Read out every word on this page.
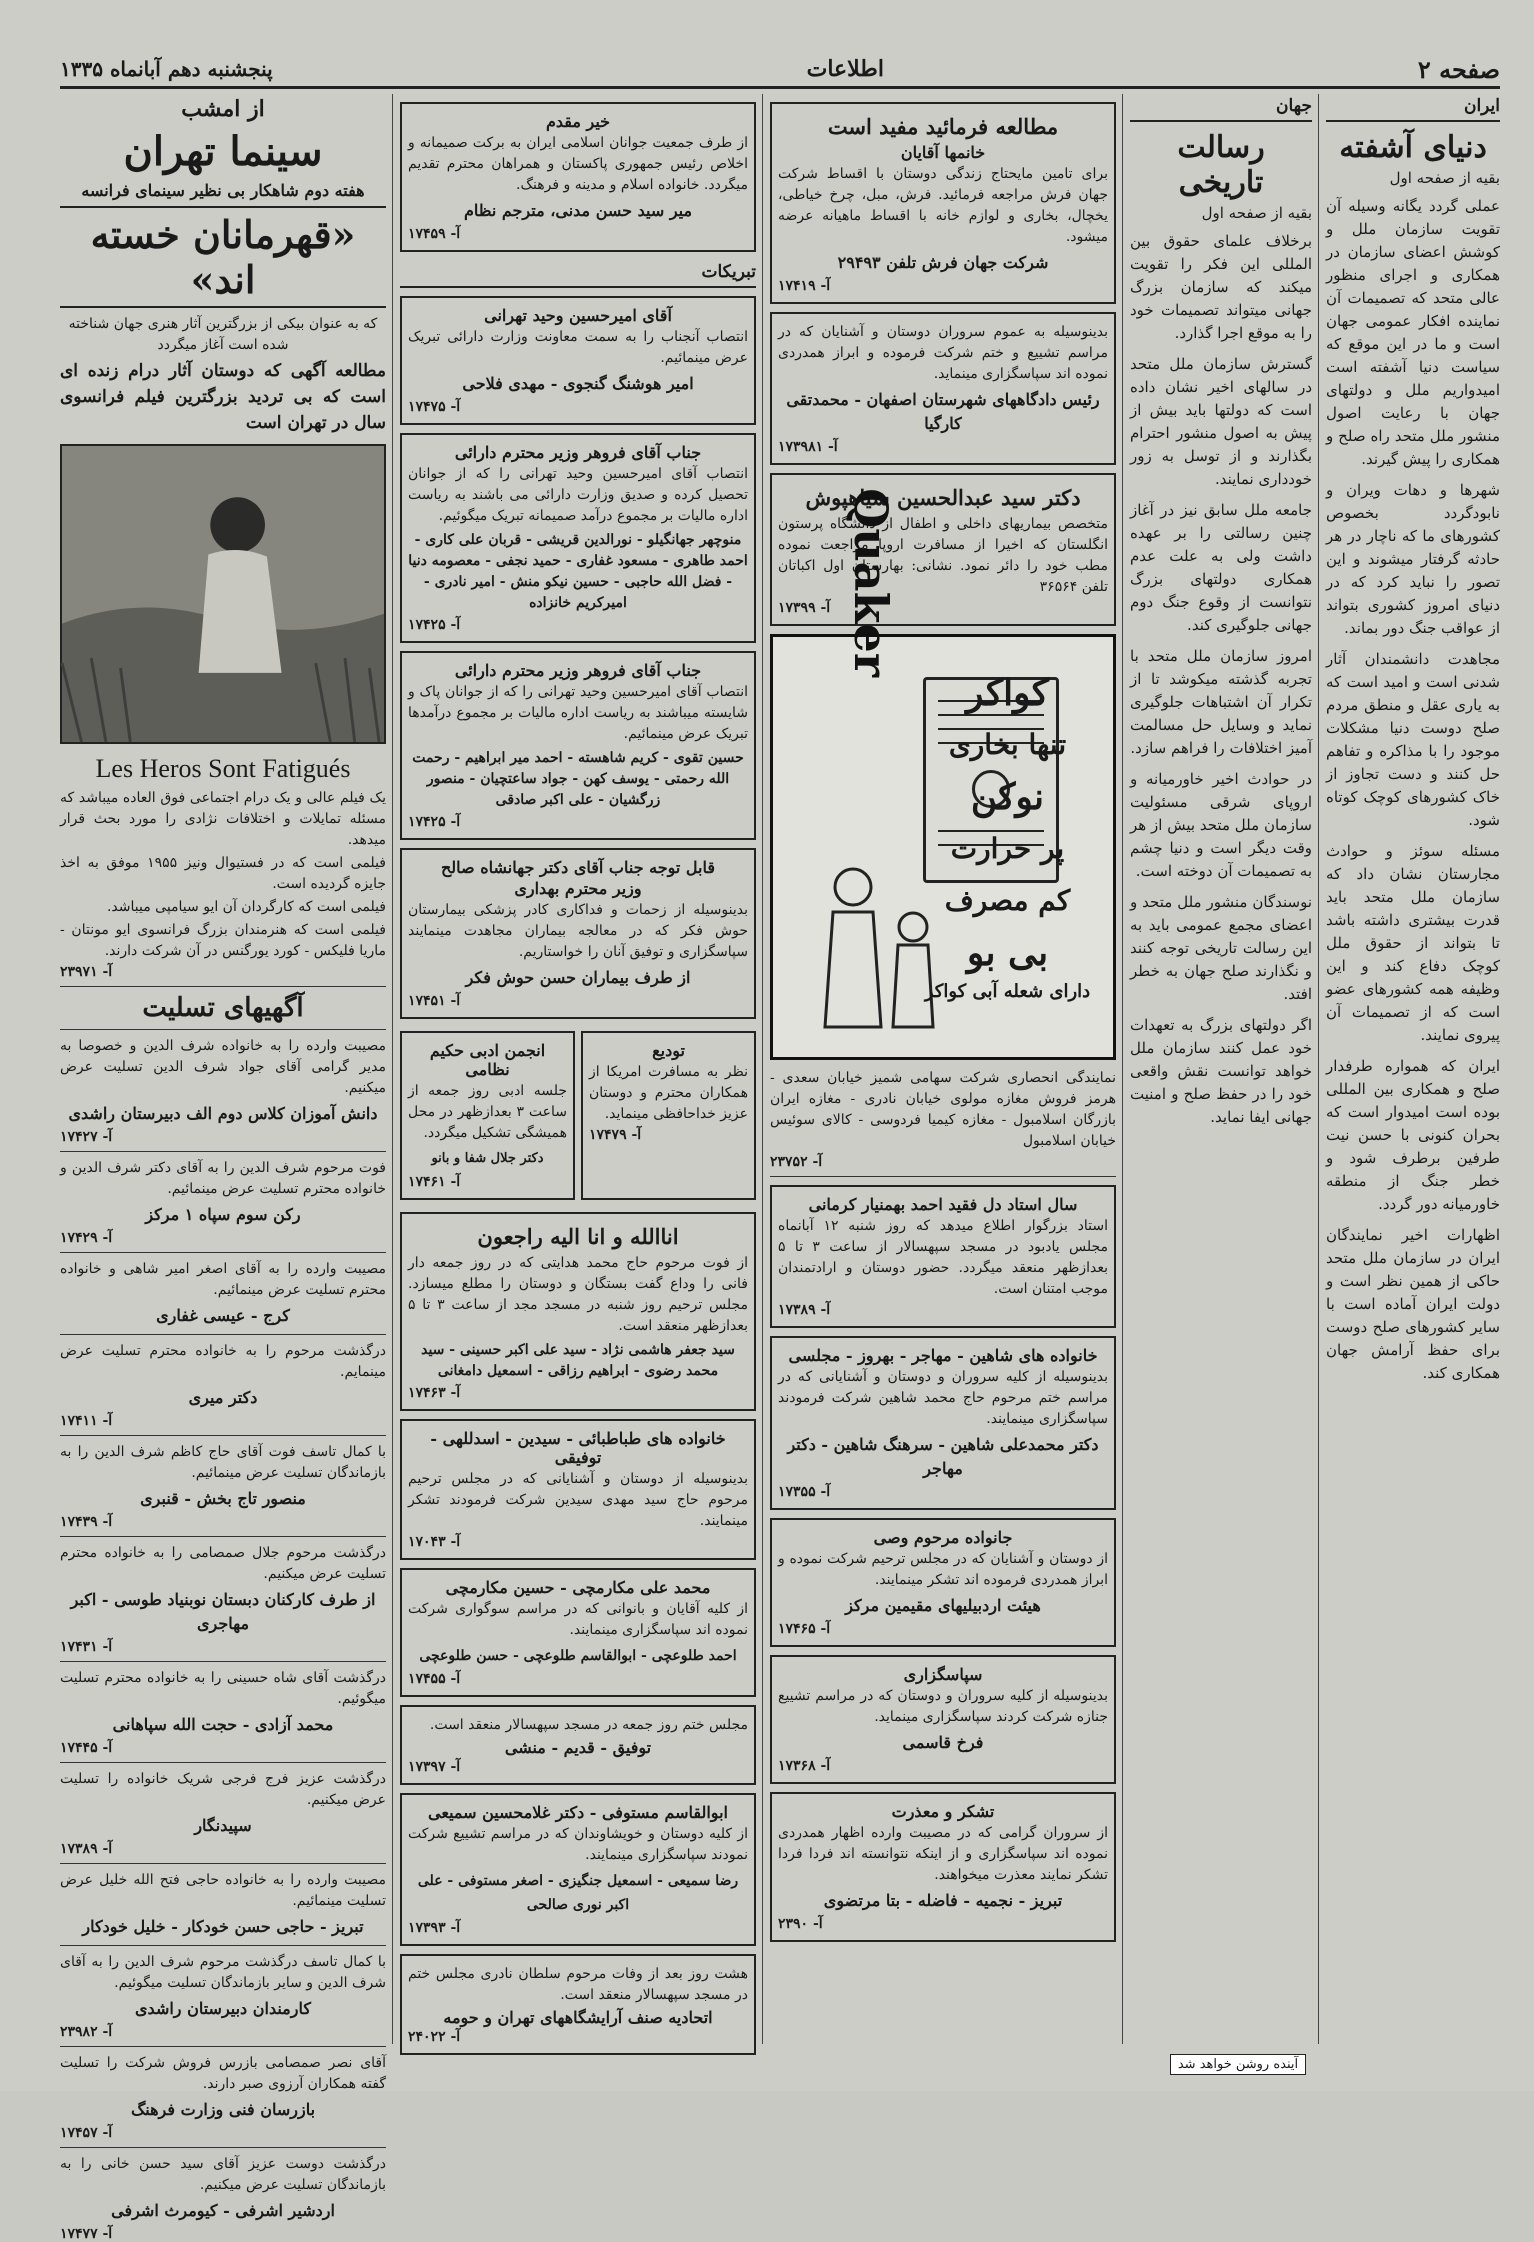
صفحه ۲
اطلاعات
پنجشنبه دهم آبانماه ۱۳۳۵
ایران
دنیای آشفته
بقیه از صفحه اول

عملی گردد یگانه وسیله آن تقویت سازمان ملل و کوشش اعضای سازمان در همکاری و اجرای منظور عالی متحد که تصمیمات آن نماینده افکار عمومی جهان است و ما در این موقع که سیاست دنیا آشفته است امیدواریم ملل و دولتهای جهان با رعایت اصول منشور ملل متحد راه صلح و همکاری را پیش گیرند.

شهرها و دهات ویران و نابودگردد بخصوص کشورهای ما که ناچار در هر حادثه گرفتار میشوند و این تصور را نباید کرد که در دنیای امروز کشوری بتواند از عواقب جنگ دور بماند.

مجاهدت دانشمندان آثار شدنی است و امید است که به یاری عقل و منطق مردم صلح دوست دنیا مشکلات موجود را با مذاکره و تفاهم حل کنند و دست تجاوز از خاک کشورهای کوچک کوتاه شود.

مسئله سوئز و حوادث مجارستان نشان داد که سازمان ملل متحد باید قدرت بیشتری داشته باشد تا بتواند از حقوق ملل کوچک دفاع کند و این وظیفه همه کشورهای عضو است که از تصمیمات آن پیروی نمایند.

ایران که همواره طرفدار صلح و همکاری بین المللی بوده است امیدوار است که بحران کنونی با حسن نیت طرفین برطرف شود و خطر جنگ از منطقه خاورمیانه دور گردد.

اظهارات اخیر نمایندگان ایران در سازمان ملل متحد حاکی از همین نظر است و دولت ایران آماده است با سایر کشورهای صلح دوست برای حفظ آرامش جهان همکاری کند.

جهان
رسالت تاریخی
بقیه از صفحه اول

برخلاف علمای حقوق بین المللی این فکر را تقویت میکند که سازمان بزرگ جهانی میتواند تصمیمات خود را به موقع اجرا گذارد.

گسترش سازمان ملل متحد در سالهای اخیر نشان داده است که دولتها باید بیش از پیش به اصول منشور احترام بگذارند و از توسل به زور خودداری نمایند.

جامعه ملل سابق نیز در آغاز چنین رسالتی را بر عهده داشت ولی به علت عدم همکاری دولتهای بزرگ نتوانست از وقوع جنگ دوم جهانی جلوگیری کند.

امروز سازمان ملل متحد با تجربه گذشته میکوشد تا از تکرار آن اشتباهات جلوگیری نماید و وسایل حل مسالمت آمیز اختلافات را فراهم سازد.

در حوادث اخیر خاورمیانه و اروپای شرقی مسئولیت سازمان ملل متحد بیش از هر وقت دیگر است و دنیا چشم به تصمیمات آن دوخته است.

نوسندگان منشور ملل متحد و اعضای مجمع عمومی باید به این رسالت تاریخی توجه کنند و نگذارند صلح جهان به خطر افتد.

اگر دولتهای بزرگ به تعهدات خود عمل کنند سازمان ملل خواهد توانست نقش واقعی خود را در حفظ صلح و امنیت جهانی ایفا نماید.

مطالعه فرمائید مفید است
خانمها آقایان

برای تامین مایحتاج زندگی دوستان با اقساط شرکت جهان فرش مراجعه فرمائید. فرش، مبل، چرخ خیاطی، یخچال، بخاری و لوازم خانه با اقساط ماهیانه عرضه میشود.

شرکت جهان فرش تلفن ۲۹۴۹۳
آ- ۱۷۴۱۹

بدینوسیله به عموم سروران دوستان و آشنایان که در مراسم تشییع و ختم شرکت فرموده و ابراز همدردی نموده اند سپاسگزاری مینماید.

رئیس دادگاههای شهرستان اصفهان - محمدتقی کارگیا
آ- ۱۷۳۹۸۱
دکتر سید عبدالحسین سیاهپوش

متخصص بیماریهای داخلی و اطفال از دانشگاه پرستون انگلستان که اخیرا از مسافرت اروپا مراجعت نموده مطب خود را دائر نمود. نشانی: بهارستان اول اکباتان تلفن ۳۶۵۶۴

آ- ۱۷۳۹۹ Quaker
کواکر
تنها بخاری
نوکن
پر حرارت
کم مصرف
بی بو
دارای شعله آبی کواکر

نمایندگی انحصاری شرکت سهامی شمیز خیابان سعدی - هرمز فروش مغازه مولوی خیابان نادری - مغازه ایران بازرگان اسلامبول - مغازه کیمیا فردوسی - کالای سوئیس خیابان اسلامبول

آ- ۲۳۷۵۲
سال استاد دل فقید احمد بهمنیار کرمانی

استاد بزرگوار اطلاع میدهد که روز شنبه ۱۲ آبانماه مجلس یادبود در مسجد سپهسالار از ساعت ۳ تا ۵ بعدازظهر منعقد میگردد. حضور دوستان و ارادتمندان موجب امتنان است.

آ- ۱۷۳۸۹
خانواده های شاهین - مهاجر - بهروز - مجلسی

بدینوسیله از کلیه سروران و دوستان و آشنایانی که در مراسم ختم مرحوم حاج محمد شاهین شرکت فرمودند سپاسگزاری مینمایند.

دکتر محمدعلی شاهین - سرهنگ شاهین - دکتر مهاجر
آ- ۱۷۳۵۵
جانواده مرحوم وصی

از دوستان و آشنایان که در مجلس ترحیم شرکت نموده و ابراز همدردی فرموده اند تشکر مینمایند.

هیئت اردبیلیهای مقیمین مرکز
آ- ۱۷۴۶۵
سپاسگزاری

بدینوسیله از کلیه سروران و دوستان که در مراسم تشییع جنازه شرکت کردند سپاسگزاری مینماید.

فرخ قاسمی
آ- ۱۷۳۶۸
تشکر و معذرت

از سروران گرامی که در مصیبت وارده اظهار همدردی نموده اند سپاسگزاری و از اینکه نتوانسته اند فردا فردا تشکر نمایند معذرت میخواهند.

تبریز - نجمیه - فاضله - بتا مرتضوی
آ- ۲۳۹۰
خیر مقدم

از طرف جمعیت جوانان اسلامی ایران به برکت صمیمانه و اخلاص رئیس جمهوری پاکستان و همراهان محترم تقدیم میگردد. خانواده اسلام و مدینه و فرهنگ.

میر سید حسن مدنی، مترجم نظام
آ- ۱۷۴۵۹
تبریکات
آقای امیرحسین وحید تهرانی

انتصاب آنجناب را به سمت معاونت وزارت دارائی تبریک عرض مینمائیم.

امیر هوشنگ گنجوی - مهدی فلاحی
آ- ۱۷۴۷۵
جناب آقای فروهر وزیر محترم دارائی

انتصاب آقای امیرحسین وحید تهرانی را که از جوانان تحصیل کرده و صدیق وزارت دارائی می باشند به ریاست اداره مالیات بر مجموع درآمد صمیمانه تبریک میگوئیم.

منوچهر جهانگیلو - نورالدین قریشی - قربان علی کاری - احمد طاهری - مسعود غفاری - حمید نجفی - معصومه دنیا - فضل الله حاجبی - حسین نیکو منش - امیر نادری - امیرکریم خانزاده
آ- ۱۷۴۲۵
جناب آقای فروهر وزیر محترم دارائی

انتصاب آقای امیرحسین وحید تهرانی را که از جوانان پاک و شایسته میباشند به ریاست اداره مالیات بر مجموع درآمدها تبریک عرض مینمائیم.

حسین تقوی - کریم شاهسته - احمد میر ابراهیم - رحمت الله رحمتی - یوسف کهن - جواد ساعتچیان - منصور زرگشیان - علی اکبر صادقی
آ- ۱۷۴۲۵
قابل توجه جناب آقای دکتر جهانشاه صالح
وزیر محترم بهداری

بدینوسیله از زحمات و فداکاری کادر پزشکی بیمارستان حوش فکر که در معالجه بیماران مجاهدت مینمایند سپاسگزاری و توفیق آنان را خواستاریم.

از طرف بیماران حسن حوش فکر
آ- ۱۷۴۵۱
تودیع

نظر به مسافرت امریکا از همکاران محترم و دوستان عزیز خداحافظی مینماید.

آ- ۱۷۴۷۹
انجمن ادبی حکیم نظامی

جلسه ادبی روز جمعه از ساعت ۳ بعدازظهر در محل همیشگی تشکیل میگردد.

دکتر جلال شفا و بانو
آ- ۱۷۴۶۱
اناالله و انا الیه راجعون

از فوت مرحوم حاج محمد هدایتی که در روز جمعه دار فانی را وداع گفت بستگان و دوستان را مطلع میسازد. مجلس ترحیم روز شنبه در مسجد مجد از ساعت ۳ تا ۵ بعدازظهر منعقد است.

سید جعفر هاشمی نژاد - سید علی اکبر حسینی - سید محمد رضوی - ابراهیم رزاقی - اسمعیل دامغانی
آ- ۱۷۴۶۳
خانواده های طباطبائی - سیدین - اسدللهی - توفیقی

بدینوسیله از دوستان و آشنایانی که در مجلس ترحیم مرحوم حاج سید مهدی سیدین شرکت فرمودند تشکر مینمایند.

آ- ۱۷۰۴۳
محمد علی مکارمچی - حسین مکارمچی

از کلیه آقایان و بانوانی که در مراسم سوگواری شرکت نموده اند سپاسگزاری مینمایند.

احمد طلوعچی - ابوالقاسم طلوعچی - حسن طلوعچی
آ- ۱۷۴۵۵

مجلس ختم روز جمعه در مسجد سپهسالار منعقد است.

توفیق - قدیم - منشی
آ- ۱۷۳۹۷
ابوالقاسم مستوفی - دکتر غلامحسین سمیعی

از کلیه دوستان و خویشاوندان که در مراسم تشییع شرکت نمودند سپاسگزاری مینمایند.

رضا سمیعی - اسمعیل جنگیزی - اصغر مستوفی - علی اکبر نوری صالحی
آ- ۱۷۳۹۳

هشت روز بعد از وفات مرحوم سلطان نادری مجلس ختم در مسجد سپهسالار منعقد است.

اتحادیه صنف آرایشگاههای تهران و حومه
آ- ۲۴۰۲۲
از امشب
سینما تهران
هفته دوم شاهکار بی نظیر سینمای فرانسه
«قهرمانان خسته اند»

که به عنوان بیکی از بزرگترین آثار هنری جهان شناخته شده است آغاز میگردد

مطالعه آگهی که دوستان آثار درام زنده ای است که بی تردید بزرگترین فیلم فرانسوی سال در تهران است

Les Heros Sont Fatigués

یک فیلم عالی و یک درام اجتماعی فوق العاده میباشد که مسئله تمایلات و اختلافات نژادی را مورد بحث قرار میدهد.

فیلمی است که در فستیوال ونیز ۱۹۵۵ موفق به اخذ جایزه گردیده است.

فیلمی است که کارگردان آن ایو سیامپی میباشد.

فیلمی است که هنرمندان بزرگ فرانسوی ایو مونتان - ماریا فلیکس - کورد یورگنس در آن شرکت دارند.

آ- ۲۳۹۷۱
آگهیهای تسلیت

مصیبت وارده را به خانواده شرف الدین و خصوصا به مدیر گرامی آقای جواد شرف الدین تسلیت عرض میکنیم.

دانش آموزان کلاس دوم الف دبیرستان راشدی
آ- ۱۷۴۲۷

فوت مرحوم شرف الدین را به آقای دکتر شرف الدین و خانواده محترم تسلیت عرض مینمائیم.

رکن سوم سپاه ۱ مرکز
آ- ۱۷۴۲۹

مصیبت وارده را به آقای اصغر امیر شاهی و خانواده محترم تسلیت عرض مینمائیم.

کرج - عیسی غفاری

درگذشت مرحوم را به خانواده محترم تسلیت عرض مینمایم.

دکتر میری
آ- ۱۷۴۱۱

با کمال تاسف فوت آقای حاج کاظم شرف الدین را به بازماندگان تسلیت عرض مینمائیم.

منصور تاج بخش - قنبری
آ- ۱۷۴۳۹

درگذشت مرحوم جلال صمصامی را به خانواده محترم تسلیت عرض میکنیم.

از طرف کارکنان دبستان نوبنیاد طوسی - اکبر مهاجری
آ- ۱۷۴۳۱

درگذشت آقای شاه حسینی را به خانواده محترم تسلیت میگوئیم.

محمد آزادی - حجت الله سپاهانی
آ- ۱۷۴۴۵

درگذشت عزیز فرج فرجی شریک خانواده را تسلیت عرض میکنیم.

سپیدنگار
آ- ۱۷۳۸۹

مصیبت وارده را به خانواده حاجی فتح الله خلیل عرض تسلیت مینمائیم.

تبریز - حاجی حسن خودکار - خلیل خودکار

با کمال تاسف درگذشت مرحوم شرف الدین را به آقای شرف الدین و سایر بازماندگان تسلیت میگوئیم.

کارمندان دبیرستان راشدی
آ- ۲۳۹۸۲

آقای نصر صمصامی بازرس فروش شرکت را تسلیت گفته همکاران آرزوی صبر دارند.

بازرسان فنی وزارت فرهنگ
آ- ۱۷۴۵۷

درگذشت دوست عزیز آقای سید حسن خانی را به بازماندگان تسلیت عرض میکنیم.

اردشیر اشرفی - کیومرث اشرفی
آ- ۱۷۴۷۷
آینده روشن خواهد شد
